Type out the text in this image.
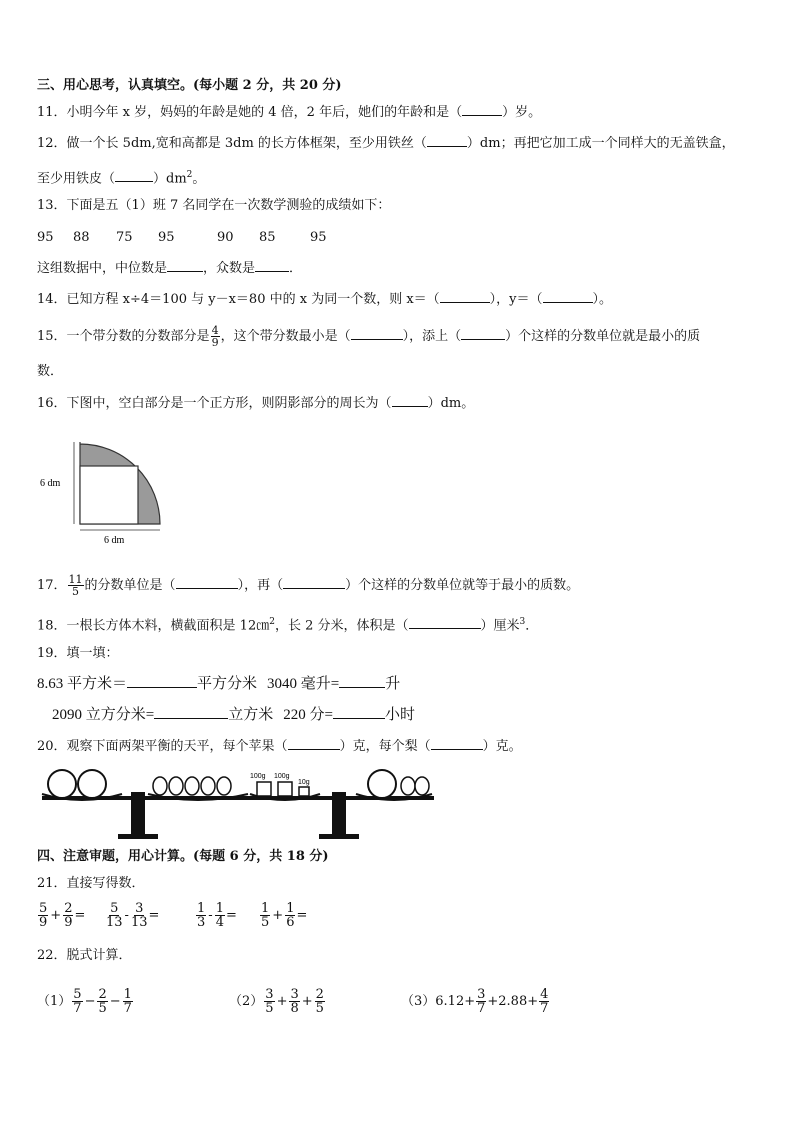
三、用心思考，认真填空。(每小题 2 分，共 20 分)
11．小明今年 x 岁，妈妈的年龄是她的 4 倍，2 年后，她们的年龄和是（	）岁。
12．做一个长 5dm,宽和高都是 3dm 的长方体框架，至少用铁丝（	）dm；再把它加工成一个同样大的无盖铁盒，
至少用铁皮（	）$dm^2$。
13．下面是五（1）班 7 名同学在一次数学测验的成绩如下：
95 88 75 95	90 85	95
这组数据中，中位数是	，众数是	．
14．已知方程 x÷4＝100 与 y－x＝80 中的 x 为同一个数，则 x＝（	），y＝（	）。
15．一个带分数的分数部分是 $\frac{4}{9}$ ，这个带分数最小是（	），添上（	）个这样的分数单位就是最小的质
数．
16．下图中，空白部分是一个正方形，则阴影部分的周长为（	）dm。
6 dm
6 dm
17． $\frac{11}{5}$ 的分数单位是（	），再（	）个这样的分数单位就等于最小的质数。
18．一根长方体木料，横截面积是 12㎝$^2$，长 2 分米，体积是（	）厘米$^3$．
19．填一填：
8.63 平方米＝	平方分米 3040 毫升=	升
2090 立方分米=	立方米 220 分=	小时
20．观察下面两架平衡的天平，每个苹果（	）克，每个梨（	）克。
100g 100g
10g
四、注意审题，用心计算。(每题 6 分，共 18 分)
21．直接写得数．
$\frac{5}{9} + \frac{2}{9} = \frac{5}{13} - \frac{3}{13}$ =	$\frac{1}{3} - \frac{1}{4} = \frac{1}{5} + \frac{1}{6}$ =
22．脱式计算．
$(1) \frac{5}{7} - \frac{2}{5} - \frac{1}{7}$	$(2) \frac{3}{5} + \frac{3}{8} + \frac{2}{5}$	$(3)6.12+ \frac{3}{7} +2.88+ \frac{4}{7}$
